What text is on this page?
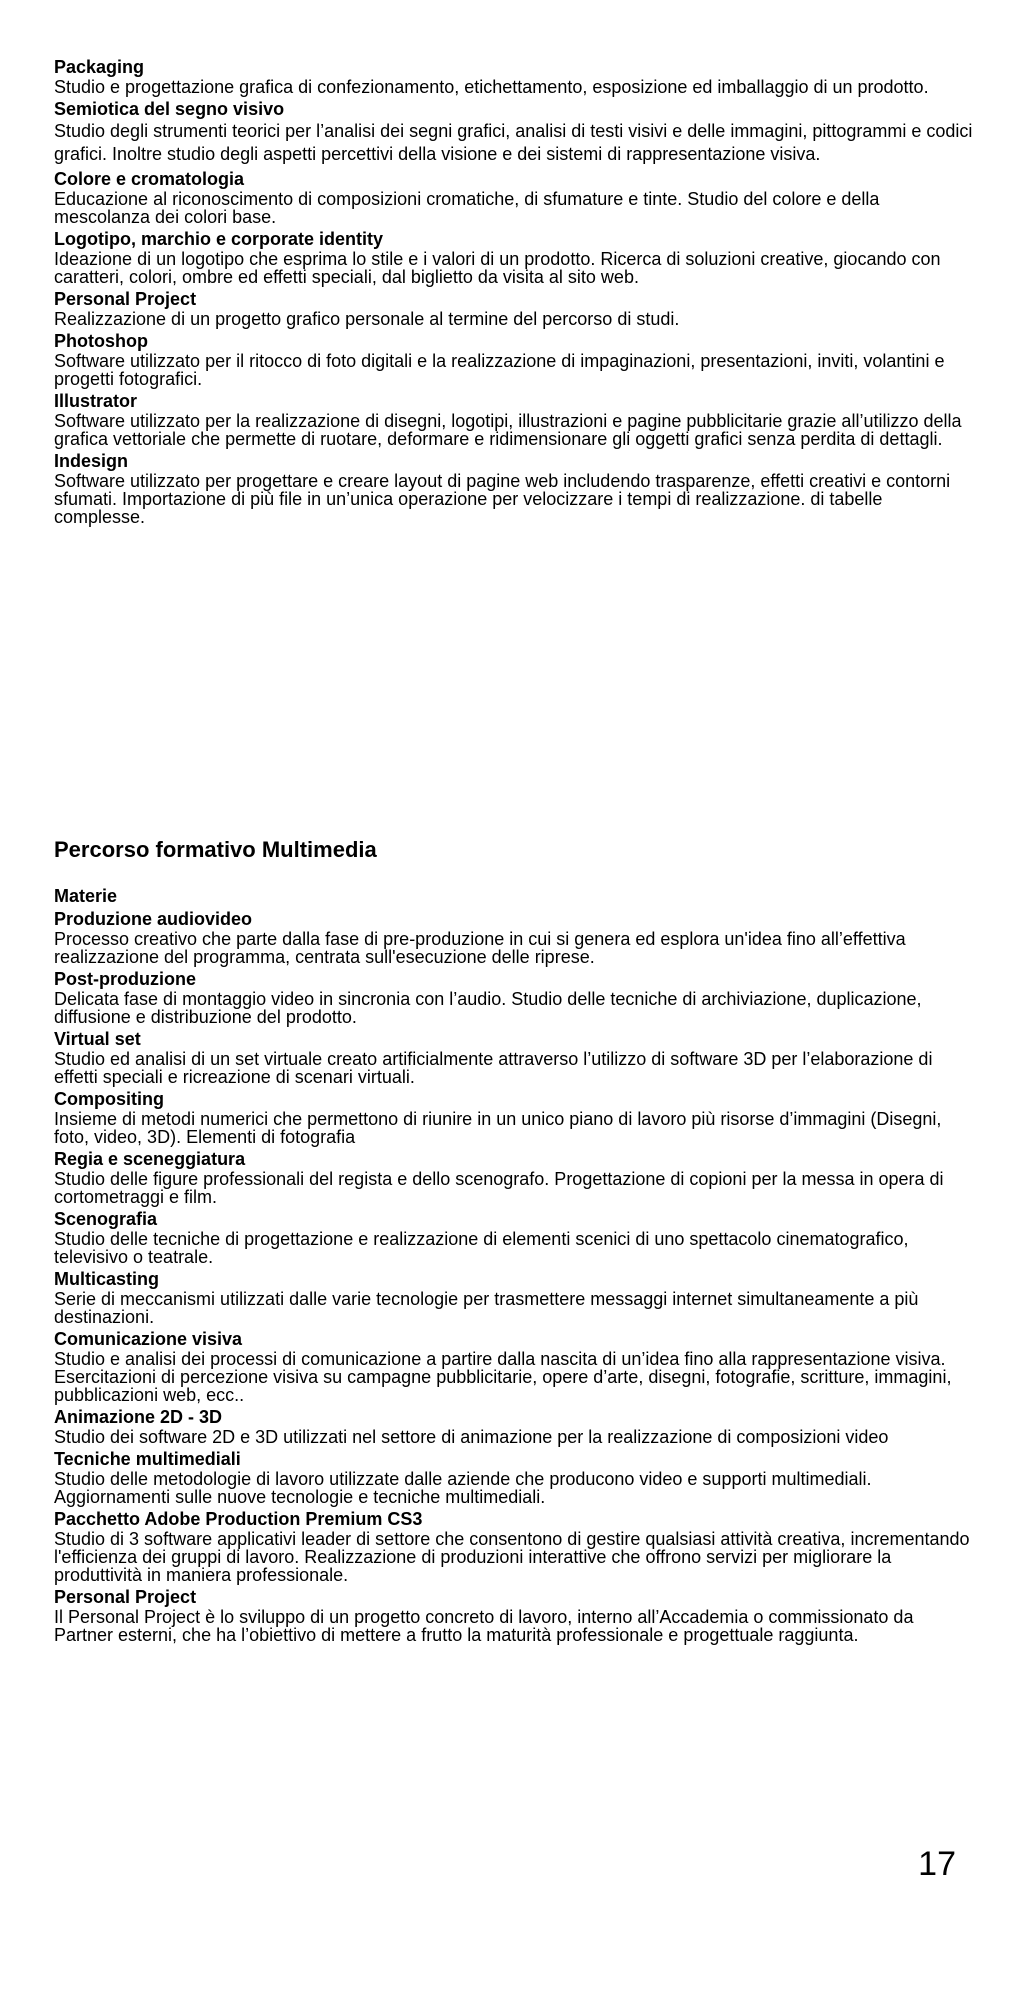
Packaging

Studio e progettazione grafica di confezionamento, etichettamento, esposizione ed imballaggio di un prodotto.

Semiotica del segno visivo

Studio degli strumenti teorici per l’analisi dei segni grafici, analisi di testi visivi e delle immagini, pittogrammi e codici grafici. Inoltre studio degli aspetti percettivi della visione e dei sistemi di rappresentazione visiva.

Colore e cromatologia

Educazione al riconoscimento di composizioni cromatiche, di sfumature e tinte. Studio del colore e della mescolanza dei colori base.

Logotipo, marchio e corporate identity

Ideazione di un logotipo che esprima lo stile e i valori di un prodotto. Ricerca di soluzioni creative, giocando con caratteri, colori, ombre ed effetti speciali, dal biglietto da visita al sito web.

Personal Project

Realizzazione di un progetto grafico personale al termine del percorso di studi.

Photoshop

Software utilizzato per il ritocco di foto digitali e la realizzazione di impaginazioni, presentazioni, inviti, volantini e progetti fotografici.

Illustrator

Software utilizzato per la realizzazione di disegni, logotipi, illustrazioni e pagine pubblicitarie grazie all’utilizzo della grafica vettoriale che permette di ruotare, deformare e ridimensionare gli oggetti grafici senza perdita di dettagli.

Indesign

Software utilizzato per progettare e creare layout di pagine web includendo trasparenze, effetti creativi e contorni sfumati. Importazione di più file in un’unica operazione per velocizzare i tempi di realizzazione. di tabelle complesse.

Percorso formativo Multimedia
Materie
Produzione audiovideo

Processo creativo che parte dalla fase di pre-produzione in cui si genera ed esplora un'idea fino all’effettiva realizzazione del programma, centrata sull'esecuzione delle riprese.

Post-produzione

Delicata fase di montaggio video in sincronia con l’audio. Studio delle tecniche di archiviazione, duplicazione, diffusione e distribuzione del prodotto.

Virtual set

Studio ed analisi di un set virtuale creato artificialmente attraverso l’utilizzo di software 3D per l’elaborazione di effetti speciali e ricreazione di scenari virtuali.

Compositing

Insieme di metodi numerici che permettono di riunire in un unico piano di lavoro più risorse d’immagini (Disegni, foto, video, 3D). Elementi di fotografia

Regia e sceneggiatura

Studio delle figure professionali del regista e dello scenografo. Progettazione di copioni per la messa in opera di cortometraggi e film.

Scenografia

Studio delle tecniche di progettazione e realizzazione di elementi scenici di uno spettacolo cinematografico, televisivo o teatrale.

Multicasting

Serie di meccanismi utilizzati dalle varie tecnologie per trasmettere messaggi internet simultaneamente a più destinazioni.

Comunicazione visiva

Studio e analisi dei processi di comunicazione a partire dalla nascita di un’idea fino alla rappresentazione visiva. Esercitazioni di percezione visiva su campagne pubblicitarie, opere d’arte, disegni, fotografie, scritture, immagini, pubblicazioni web, ecc..

Animazione 2D - 3D

Studio dei software 2D e 3D utilizzati nel settore di animazione per la realizzazione di composizioni video

Tecniche multimediali

Studio delle metodologie di lavoro utilizzate dalle aziende che producono video e supporti multimediali. Aggiornamenti sulle nuove tecnologie e tecniche multimediali.

Pacchetto Adobe Production Premium CS3

Studio di 3 software applicativi leader di settore che consentono di gestire qualsiasi attività creativa, incrementando l'efficienza dei gruppi di lavoro. Realizzazione di produzioni interattive che offrono servizi per migliorare la produttività in maniera professionale.

Personal Project

Il Personal Project è lo sviluppo di un progetto concreto di lavoro, interno all’Accademia o commissionato da Partner esterni, che ha l’obiettivo di mettere a frutto la maturità professionale e progettuale raggiunta.

17
